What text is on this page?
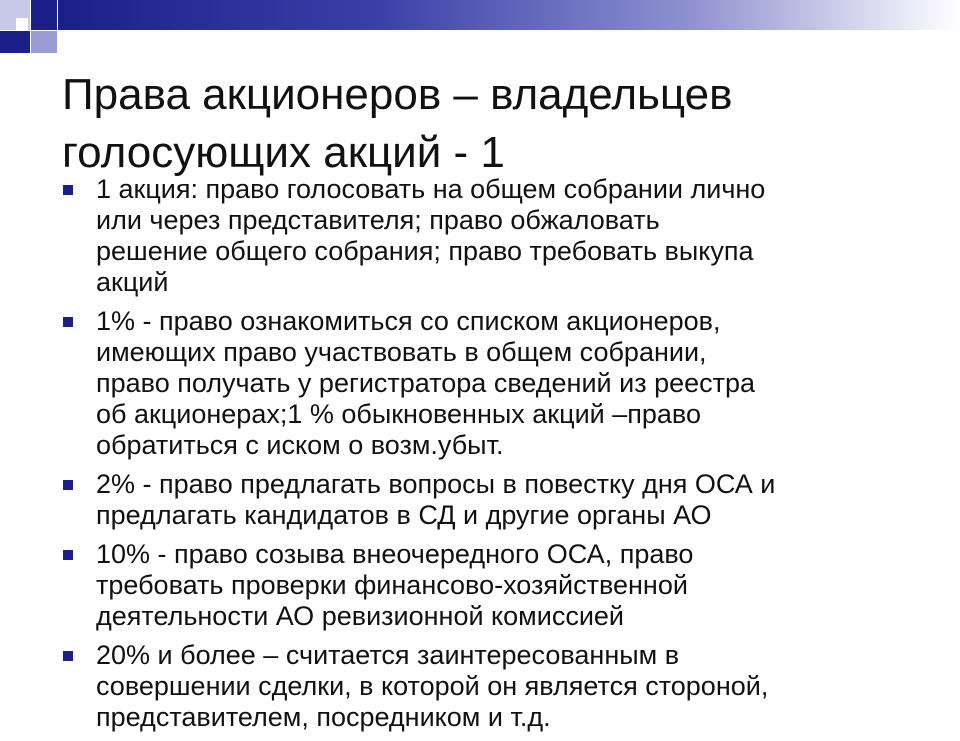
Права акционеров – владельцев
голосующих акций - 1
1 акция: право голосовать на общем собрании лично
или через представителя; право обжаловать
решение общего собрания; право требовать выкупа
акций
1% - право ознакомиться со списком акционеров,
имеющих право участвовать в общем собрании,
право получать у регистратора сведений из реестра
об акционерах;1 % обыкновенных акций –право
обратиться с иском о возм.убыт.
2% - право предлагать вопросы в повестку дня ОСА и
предлагать кандидатов в СД и другие органы АО
10% - право созыва внеочередного ОСА, право
требовать проверки финансово-хозяйственной
деятельности АО ревизионной комиссией
20% и более – считается заинтересованным в
совершении сделки, в которой он является стороной,
представителем, посредником и т.д.
